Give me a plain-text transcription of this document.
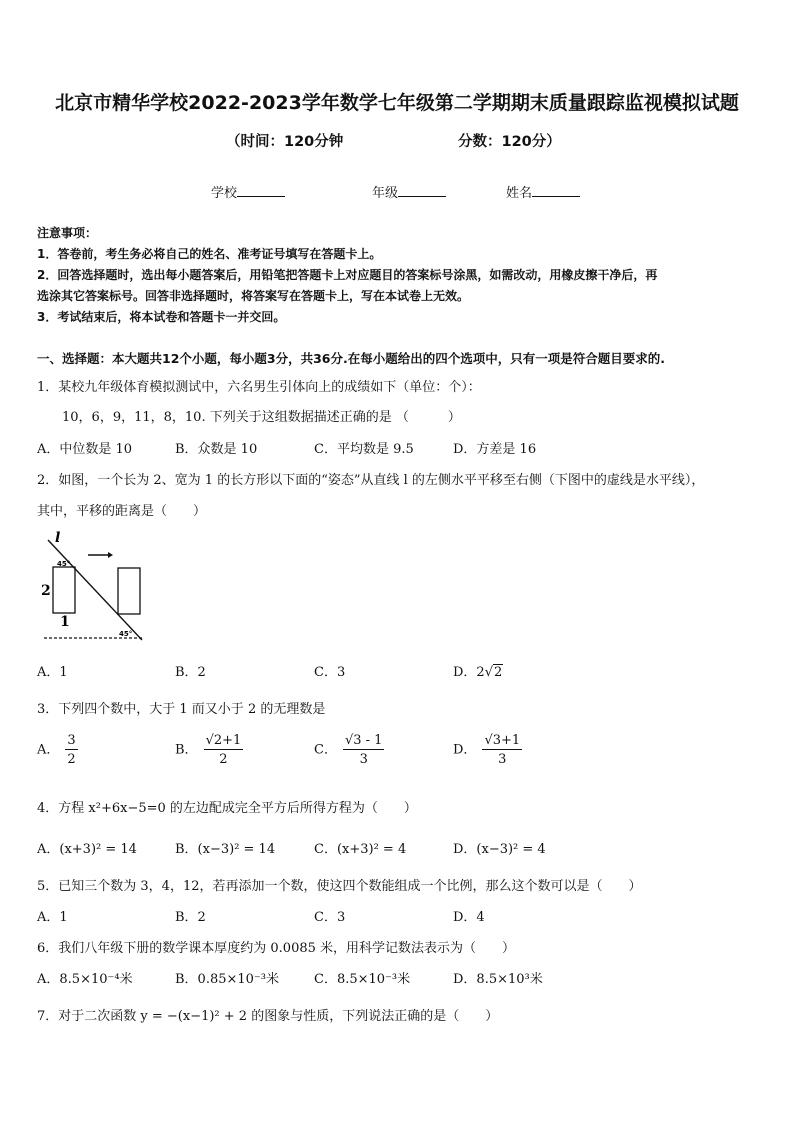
北京市精华学校2022-2023学年数学七年级第二学期期末质量跟踪监视模拟试题
（时间：120分钟	分数：120分）
学校	年级	姓名
注意事项：
1．答卷前，考生务必将自己的姓名、准考证号填写在答题卡上。
2．回答选择题时，选出每小题答案后，用铅笔把答题卡上对应题目的答案标号涂黑，如需改动，用橡皮擦干净后，再
选涂其它答案标号。回答非选择题时，将答案写在答题卡上，写在本试卷上无效。
3．考试结束后，将本试卷和答题卡一并交回。
一、选择题：本大题共12个小题，每小题3分，共36分.在每小题给出的四个选项中，只有一项是符合题目要求的.
1．某校九年级体育模拟测试中，六名男生引体向上的成绩如下（单位：个）：
10，6，9，11，8，10. 下列关于这组数据描述正确的是 （　　　）
A．中位数是 10	B．众数是 10	C．平均数是 9.5	D．方差是 16
2．如图，一个长为 2、宽为 1 的长方形以下面的“姿态”从直线 l 的左侧水平平移至右侧（下图中的虚线是水平线），
其中，平移的距离是（　　）
l
45°
45°
2
1
A．1	B．2	C．3	D．2√2
3．下列四个数中，大于 1 而又小于 2 的无理数是
A． $\frac{3}{2}$	B． $\frac{√2+1}{2}$	C． $\frac{√3 - 1}{3}$	D． $\frac{√3+1}{3}$
4．方程 x²+6x−5=0 的左边配成完全平方后所得方程为（　　）
A．(x+3)² = 14	B．(x−3)² = 14	C．(x+3)² = 4	D．(x−3)² = 4
5．已知三个数为 3，4，12，若再添加一个数，使这四个数能组成一个比例，那么这个数可以是（　　）
A．1	B．2	C．3	D．4
6．我们八年级下册的数学课本厚度约为 0.0085 米，用科学记数法表示为（　　）
A．8.5×10⁻⁴米	B．0.85×10⁻³米	C．8.5×10⁻³米	D．8.5×10³米
7．对于二次函数 y = −(x−1)² + 2 的图象与性质，下列说法正确的是（　　）
